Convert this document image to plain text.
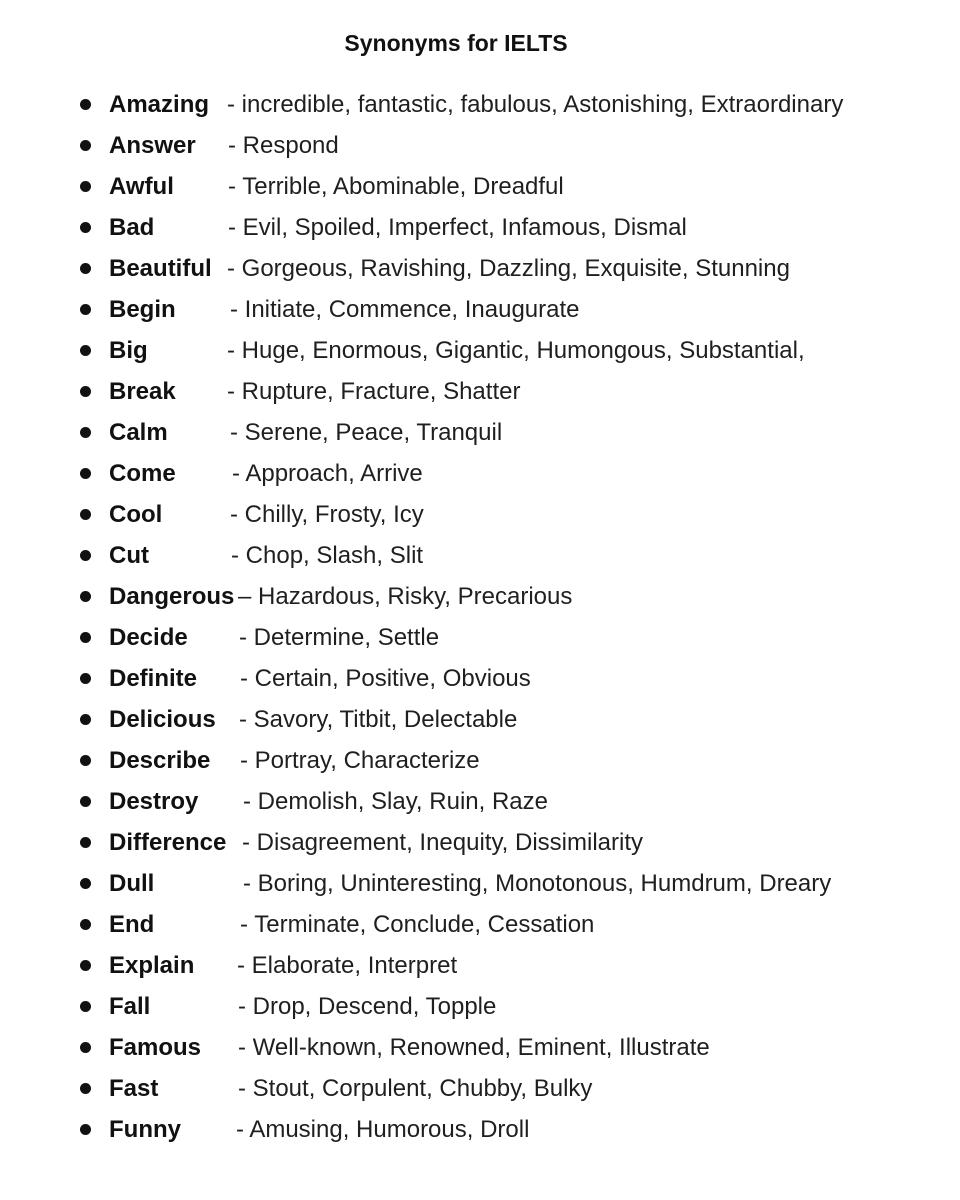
Synonyms for IELTS
Amazing - incredible, fantastic, fabulous, Astonishing, Extraordinary
Answer - Respond
Awful - Terrible, Abominable, Dreadful
Bad	- Evil, Spoiled, Imperfect, Infamous, Dismal
Beautiful - Gorgeous, Ravishing, Dazzling, Exquisite, Stunning
Begin - Initiate, Commence, Inaugurate
Big	- Huge, Enormous, Gigantic, Humongous, Substantial,
Break - Rupture, Fracture, Shatter
Calm	- Serene, Peace, Tranquil
Come - Approach, Arrive
Cool	- Chilly, Frosty, Icy
Cut	- Chop, Slash, Slit
Dangerous – Hazardous, Risky, Precarious
Decide - Determine, Settle
Definite - Certain, Positive, Obvious
Delicious - Savory, Titbit, Delectable
Describe - Portray, Characterize
Destroy - Demolish, Slay, Ruin, Raze
Difference - Disagreement, Inequity, Dissimilarity
Dull	- Boring, Uninteresting, Monotonous, Humdrum, Dreary
End	- Terminate, Conclude, Cessation
Explain - Elaborate, Interpret
Fall	- Drop, Descend, Topple
Famous - Well-known, Renowned, Eminent, Illustrate
Fast	- Stout, Corpulent, Chubby, Bulky
Funny - Amusing, Humorous, Droll
